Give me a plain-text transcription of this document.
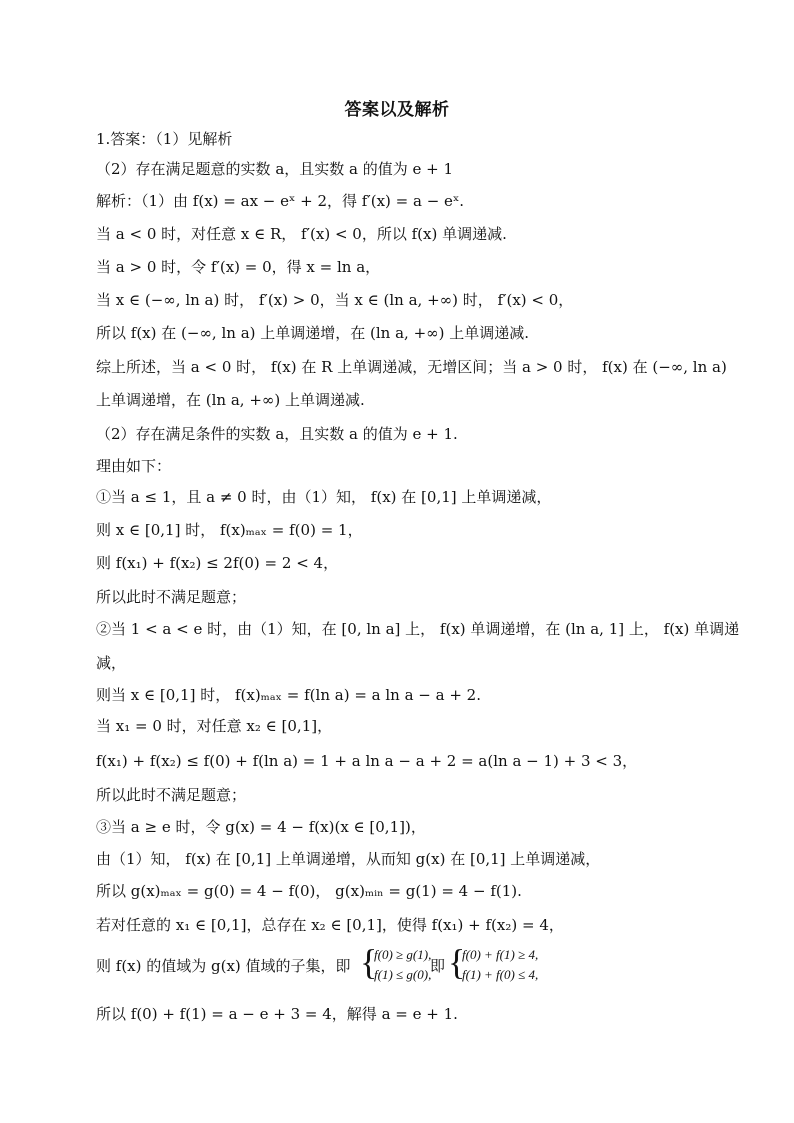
答案以及解析
1.答案：（1）见解析
（2）存在满足题意的实数 a，且实数 a 的值为 e + 1
解析：（1）由 f(x) = ax − eˣ + 2，得 f′(x) = a − eˣ.
当 a < 0 时，对任意 x ∈ R， f′(x) < 0，所以 f(x) 单调递减.
当 a > 0 时，令 f′(x) = 0，得 x = ln a，
当 x ∈ (−∞, ln a) 时， f′(x) > 0，当 x ∈ (ln a, +∞) 时， f′(x) < 0，
所以 f(x) 在 (−∞, ln a) 上单调递增，在 (ln a, +∞) 上单调递减.
综上所述，当 a < 0 时， f(x) 在 R 上单调递减，无增区间；当 a > 0 时， f(x) 在 (−∞, ln a)
上单调递增，在 (ln a, +∞) 上单调递减.
（2）存在满足条件的实数 a，且实数 a 的值为 e + 1.
理由如下：
①当 a ≤ 1，且 a ≠ 0 时，由（1）知， f(x) 在 [0,1] 上单调递减，
则 x ∈ [0,1] 时， f(x)ₘₐₓ = f(0) = 1，
则 f(x₁) + f(x₂) ≤ 2f(0) = 2 < 4，
所以此时不满足题意；
②当 1 < a < e 时，由（1）知，在 [0, ln a] 上， f(x) 单调递增，在 (ln a, 1] 上， f(x) 单调递
减，
则当 x ∈ [0,1] 时， f(x)ₘₐₓ = f(ln a) = a ln a − a + 2.
当 x₁ = 0 时，对任意 x₂ ∈ [0,1]，
f(x₁) + f(x₂) ≤ f(0) + f(ln a) = 1 + a ln a − a + 2 = a(ln a − 1) + 3 < 3，
所以此时不满足题意；
③当 a ≥ e 时，令 g(x) = 4 − f(x)(x ∈ [0,1])，
由（1）知， f(x) 在 [0,1] 上单调递增，从而知 g(x) 在 [0,1] 上单调递减，
所以 g(x)ₘₐₓ = g(0) = 4 − f(0)， g(x)ₘᵢₙ = g(1) = 4 − f(1).
若对任意的 x₁ ∈ [0,1]，总存在 x₂ ∈ [0,1]，使得 f(x₁) + f(x₂) = 4，
则 f(x) 的值域为 g(x) 值域的子集，即 {
f(0) ≥ g(1),
f(1) ≤ g(0),
即 {
f(0) + f(1) ≥ 4,
f(1) + f(0) ≤ 4,
所以 f(0) + f(1) = a − e + 3 = 4，解得 a = e + 1.
